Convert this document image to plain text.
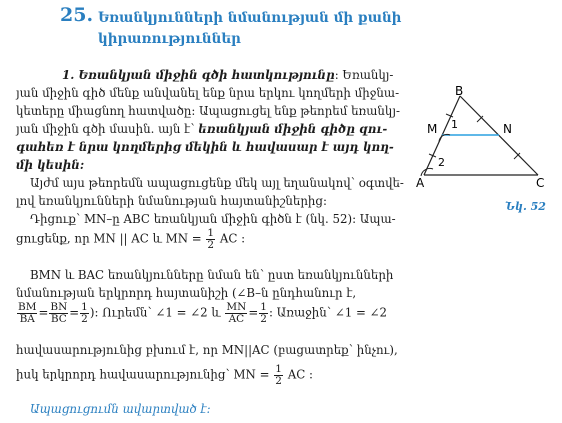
25. Եռանկյունների նմանության մի քանի
կիրառություններ
1. Եռանկյան միջին գծի հատկությունը: Եռանկյ-
յան միջին գիծ մենք անվանել ենք նրա երկու կողմերի միջնա-
կետերը միացնող հատվածը: Ապացուցել ենք թեորեմ եռանկյ-
յան միջին գծի մասին. այն է՝ եռանկյան միջին գիծը զու-
գահեռ է նրա կողմերից մեկին և հավասար է այդ կող-
մի կեսին:
Այժմ այս թեորեմն ապացուցենք մեկ այլ եղանակով՝ օգտվե-
լով եռանկյունների նմանության հայտանիշներից:
Դիցուք՝ MN–ը ABC եռանկյան միջին գիծն է (նկ. 52): Ապա-
ցուցենք, որ MN || AC և MN = $\frac{1}{2}$ AC :
BMN և BAC եռանկյունները նման են՝ ըստ եռանկյունների
նմանության երկրորդ հայտանիշի (∠B–ն ընդհանուր է,
$\frac{BM}{BA} = \frac{BN}{BC} = \frac{1}{2}$ ): Ուրեմն՝ ∠1 = ∠2 և $\frac{MN}{AC} = \frac{1}{2}$ : Առաջին՝ ∠1 = ∠2
հավասարությունից բխում է, որ MN||AC (բացատրեք՝ ինչու),
իսկ երկրորդ հավասարությունից՝ MN = $\frac{1}{2}$ AC :
Ապացուցումն ավարտված է:
B
M	N
A	C
1
2
Նկ. 52
